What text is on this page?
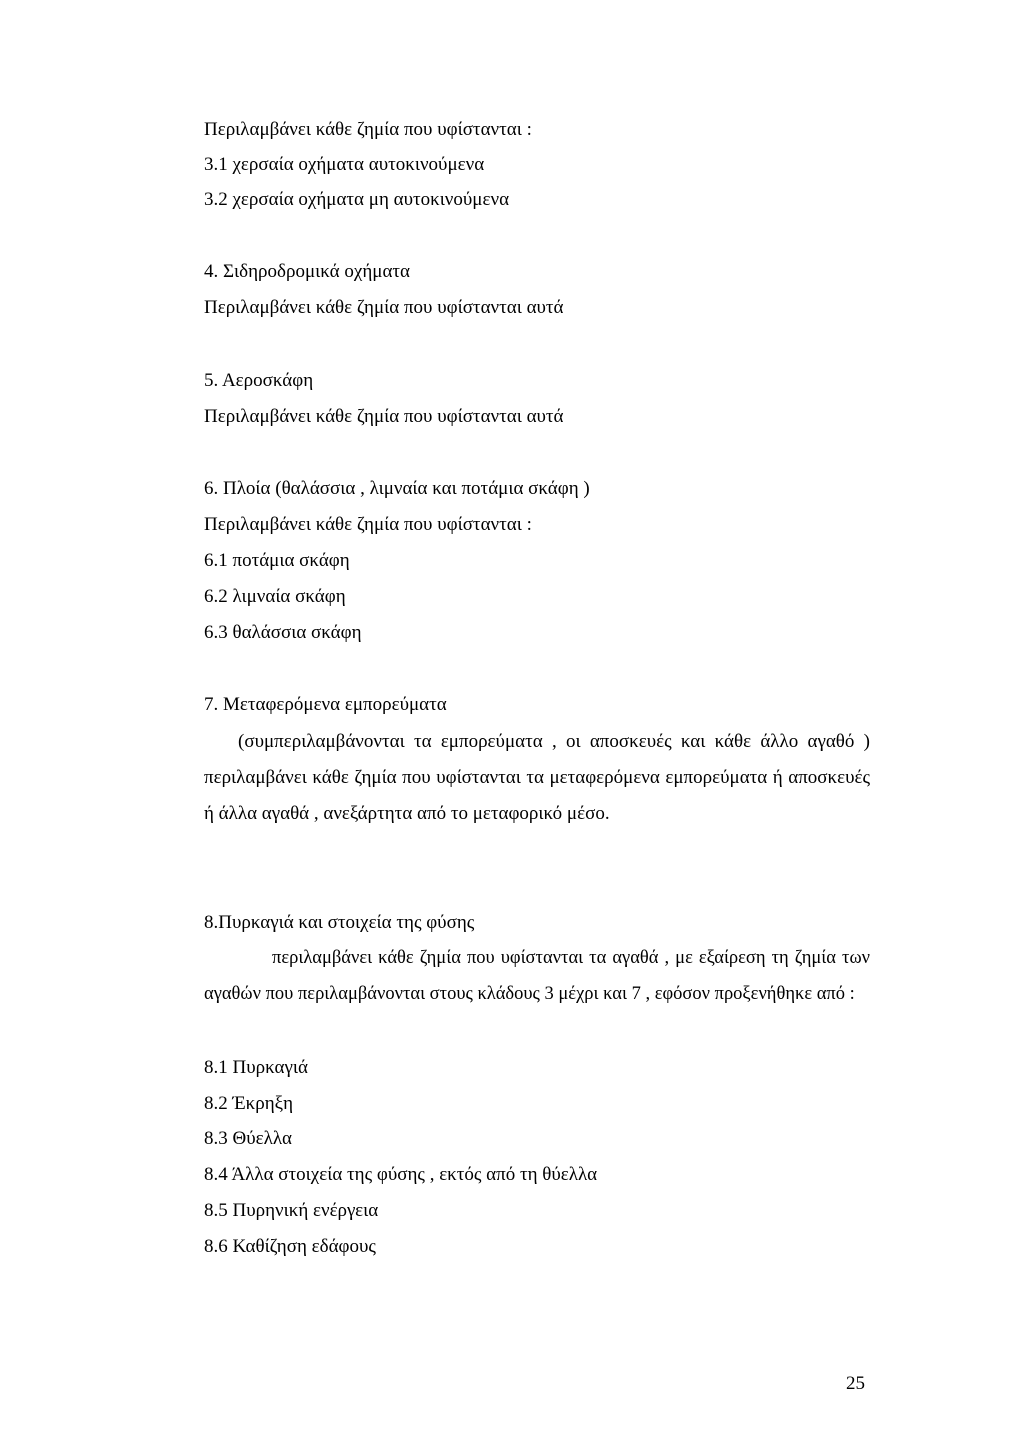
Περιλαμβάνει κάθε ζημία που υφίστανται :
3.1 χερσαία οχήματα αυτοκινούμενα
3.2 χερσαία οχήματα μη αυτοκινούμενα
4. Σιδηροδρομικά οχήματα
Περιλαμβάνει κάθε ζημία που υφίστανται αυτά
5. Αεροσκάφη
Περιλαμβάνει κάθε ζημία που υφίστανται αυτά
6. Πλοία (θαλάσσια , λιμναία και ποτάμια σκάφη )
Περιλαμβάνει κάθε ζημία που υφίστανται :
6.1 ποτάμια σκάφη
6.2 λιμναία σκάφη
6.3 θαλάσσια σκάφη
7. Μεταφερόμενα εμπορεύματα
(συμπεριλαμβάνονται τα εμπορεύματα , οι αποσκευές και κάθε άλλο αγαθό ) περιλαμβάνει κάθε ζημία που υφίστανται τα μεταφερόμενα εμπορεύματα ή αποσκευές ή άλλα αγαθά , ανεξάρτητα από το μεταφορικό μέσο.
8.Πυρκαγιά και στοιχεία της φύσης
περιλαμβάνει κάθε ζημία που υφίστανται τα αγαθά , με εξαίρεση τη ζημία των αγαθών που περιλαμβάνονται στους κλάδους 3 μέχρι και 7 , εφόσον προξενήθηκε από :
8.1 Πυρκαγιά
8.2 Έκρηξη
8.3 Θύελλα
8.4 Άλλα στοιχεία της φύσης , εκτός από τη θύελλα
8.5 Πυρηνική ενέργεια
8.6 Καθίζηση εδάφους
25
